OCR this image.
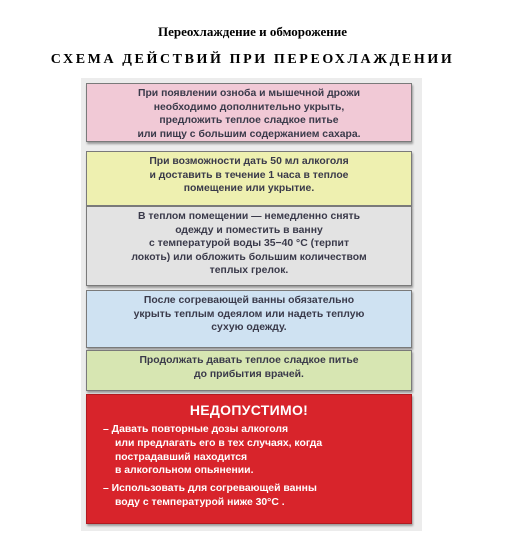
Переохлаждение и обморожение
СХЕМА ДЕЙСТВИЙ ПРИ ПЕРЕОХЛАЖДЕНИИ
При появлении озноба и мышечной дрожи
необходимо дополнительно укрыть,
предложить теплое сладкое питье
или пищу с большим содержанием сахара.
При возможности дать 50 мл алкоголя
и доставить в течение 1 часа в теплое
помещение или укрытие.
В теплом помещении — немедленно снять
одежду и поместить в ванну
с температурой воды 35−40 °С (терпит
локоть) или обложить большим количеством
теплых грелок.
После согревающей ванны обязательно
укрыть теплым одеялом или надеть теплую
сухую одежду.
Продолжать давать теплое сладкое питье
до прибытия врачей.
НЕДОПУСТИМО!
– Давать повторные дозы алкоголя
или предлагать его в тех случаях, когда
пострадавший находится
в алкогольном опьянении.
– Использовать для согревающей ванны
воду с температурой ниже 30°С .
